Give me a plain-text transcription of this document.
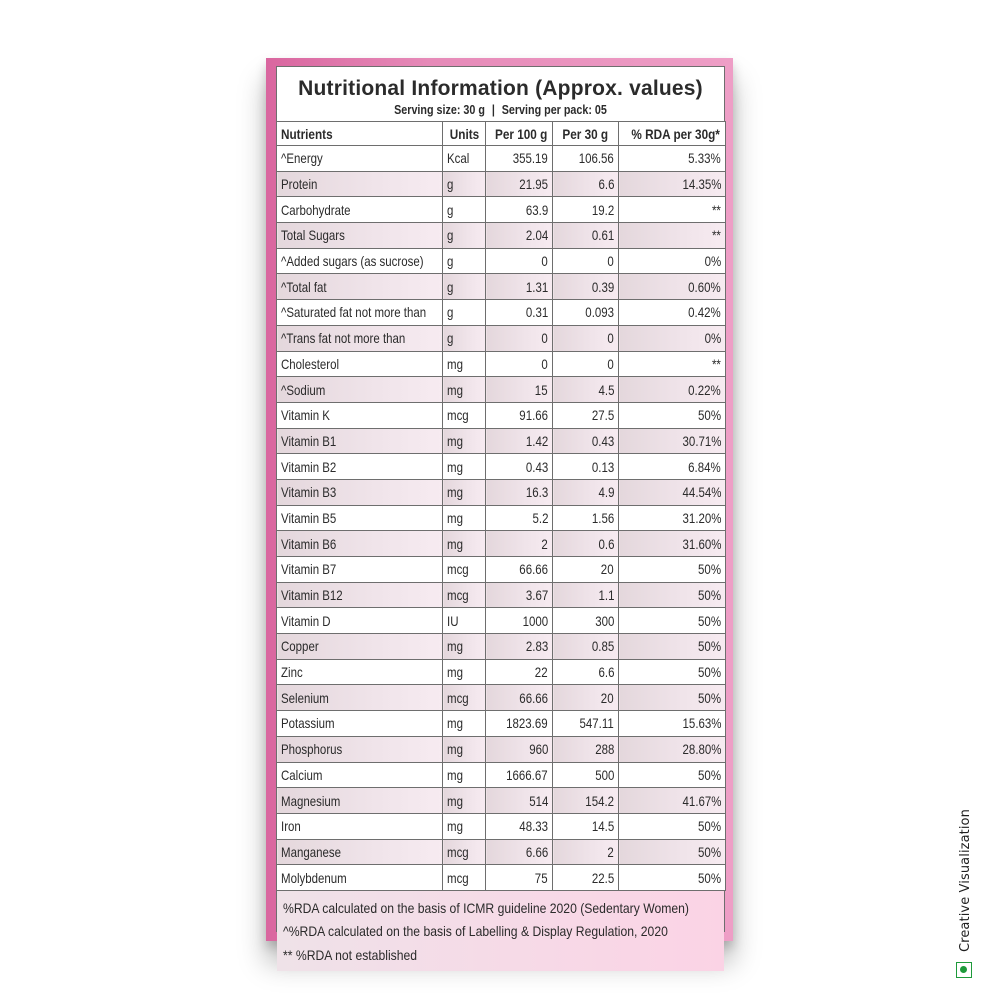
Nutritional Information (Approx. values)
Serving size: 30 g | Serving per pack: 05
Nutrients	Units	Per 100 g	Per 30 g	% RDA per 30g*
^Energy	Kcal	355.19	106.56	5.33%
Protein	g	21.95	6.6	14.35%
Carbohydrate	g	63.9	19.2	**
Total Sugars	g	2.04	0.61	**
^Added sugars (as sucrose)	g	0	0	0%
^Total fat	g	1.31	0.39	0.60%
^Saturated fat not more than	g	0.31	0.093	0.42%
^Trans fat not more than	g	0	0	0%
Cholesterol	mg	0	0	**
^Sodium	mg	15	4.5	0.22%
Vitamin K	mcg	91.66	27.5	50%
Vitamin B1	mg	1.42	0.43	30.71%
Vitamin B2	mg	0.43	0.13	6.84%
Vitamin B3	mg	16.3	4.9	44.54%
Vitamin B5	mg	5.2	1.56	31.20%
Vitamin B6	mg	2	0.6	31.60%
Vitamin B7	mcg	66.66	20	50%
Vitamin B12	mcg	3.67	1.1	50%
Vitamin D	IU	1000	300	50%
Copper	mg	2.83	0.85	50%
Zinc	mg	22	6.6	50%
Selenium	mcg	66.66	20	50%
Potassium	mg	1823.69	547.11	15.63%
Phosphorus	mg	960	288	28.80%
Calcium	mg	1666.67	500	50%
Magnesium	mg	514	154.2	41.67%
Iron	mg	48.33	14.5	50%
Manganese	mcg	6.66	2	50%
Molybdenum	mcg	75	22.5	50%
%RDA calculated on the basis of ICMR guideline 2020 (Sedentary Women)
^%RDA calculated on the basis of Labelling & Display Regulation, 2020
** %RDA not established
Creative Visualization
